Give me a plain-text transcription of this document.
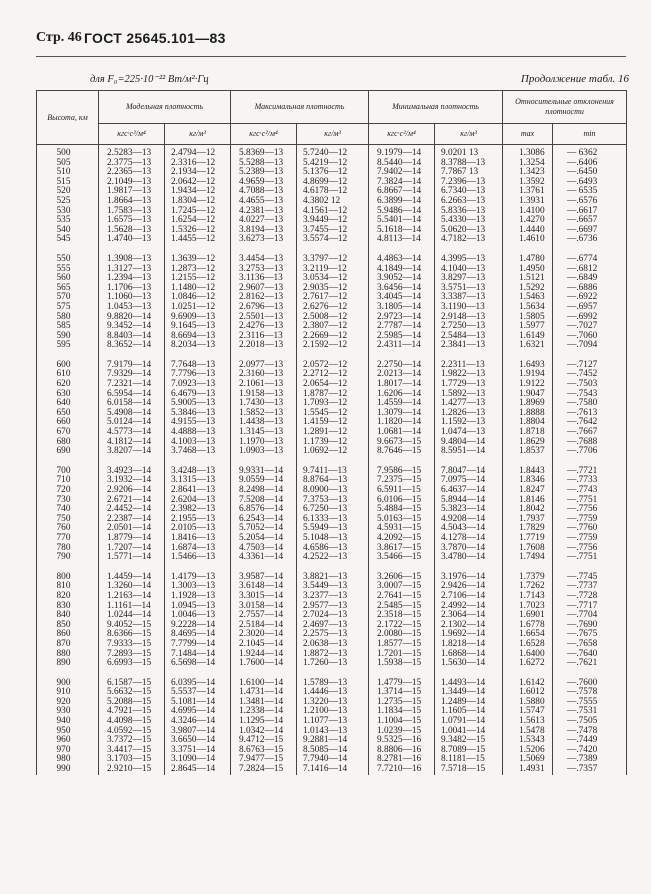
Стр. 46 ГОСТ 25645.101—83
для F₀=225·10⁻²² Вт/м²·Гц	Продолжение табл. 16
Высота, км	Модельная плотность		Максимальная плотность		Минимальная плотность		Относительные отклонения плотности	
	кгс·с²/м⁴	кг/м³	кгс·с²/м⁴	кг/м³	кгс·с²/м⁴	кг/м³	max	min
500	2.5283—13	2.4794—12	5.8369—13	5.7240—12	9.1979—14	9.0201 13	1.3086	— 6362
505	2.3775—13	2.3316—12	5.5288—13	5.4219—12	8.5440—14	8.3788—13	1.3254	—.6406
510	2.2365—13	2.1934—12	5.2389—13	5.1376—12	7.9402—14	7.7867 13	1.3423	—.6450
515	2.1049—13	2.0642—12	4.9659—13	4.8699—12	7.3824—14	7.2396—13	1.3592	—.6493
520	1.9817—13	1.9434—12	4.7088—13	4.6178—12	6.8667—14	6.7340—13	1.3761	— 6535
525	1.8664—13	1.8304—12	4.4655—13	4.3802 12	6.3899—14	6.2663—13	1.3931	—.6576
530	1.7583—13	1.7245—12	4.2381—13	4.1561—12	5.9486—14	5.8336—13	1.4100	—.6617
535	1.6575—13	1.6254—12	4.0227—13	3.9449—12	5.5401—14	5.4330—13	1.4270	—.6657
540	1.5628—13	1.5326—12	3.8194—13	3.7455—12	5.1618—14	5.0620—13	1.4440	—.6697
545	1.4740—13	1.4455—12	3.6273—13	3.5574—12	4.8113—14	4.7182—13	1.4610	—.6736

550	1.3908—13	1.3639—12	3.4454—13	3.3797—12	4.4863—14	4.3995—13	1.4780	—.6774
555	1.3127—13	1.2873—12	3.2753—13	3.2119—12	4.1849—14	4.1040—13	1.4950	—.6812
560	1.2394—13	1.2155—12	3.1136—13	3.0534—12	3.9052—14	3.8297—13	1.5121	—.6849
565	1.1706—13	1.1480—12	2.9607—13	2.9035—12	3.6456—14	3.5751—13	1.5292	—.6886
570	1.1060—13	1.0846—12	2.8162—13	2.7617—12	3.4045—14	3.3387—13	1.5463	—.6922
575	1.0453—13	1.0251—12	2.6796—13	2.6276—12	3.1805—14	3.1190—13	1.5634	—.6957
580	9.8820—14	9.6909—13	2.5501—13	2.5008—12	2.9723—14	2.9148—13	1.5805	—.6992
585	9.3452—14	9.1645—13	2.4276—13	2.3807—12	2.7787—14	2.7250—13	1.5977	—.7027
590	8.8403—14	8.6694—13	2.3116—13	2.2669—12	2.5985—14	2.5484—13	1.6149	—.7060
595	8.3652—14	8.2034—13	2.2018—13	2.1592—12	2.4311—14	2.3841—13	1.6321	—.7094

600	7.9179—14	7.7648—13	2.0977—13	2.0572—12	2.2750—14	2.2311—13	1.6493	—.7127
610	7.9329—14	7.7796—13	2.3160—13	2.2712—12	2.0213—14	1.9822—13	1.9194	—.7452
620	7.2321—14	7.0923—13	2.1061—13	2.0654—12	1.8017—14	1.7729—13	1.9122	—.7503
630	6.5954—14	6.4679—13	1.9158—13	1.8787—12	1.6206—14	1.5892—13	1.9047	—.7543
640	6.0158—14	5.9005—13	1.7430—13	1.7093—12	1.4559—14	1.4277—13	1.8969	—.7580
650	5.4908—14	5.3846—13	1.5852—13	1.5545—12	1.3079—14	1.2826—13	1.8888	—.7613
660	5.0124—14	4.9155—13	1.4438—13	1.4159—12	1.1820—14	1.1592—13	1.8804	—.7642
670	4.5773—14	4.4888—13	1.3145—13	1.2891—12	1.0681—14	1.0474—13	1.8718	—.7667
680	4.1812—14	4.1003—13	1.1970—13	1.1739—12	9.6673—15	9.4804—14	1.8629	—.7688
690	3.8207—14	3.7468—13	1.0903—13	1.0692—12	8.7646—15	8.5951—14	1.8537	—.7706

700	3.4923—14	3.4248—13	9.9331—14	9.7411—13	7.9586—15	7.8047—14	1.8443	—.7721
710	3.1932—14	3.1315—13	9.0559—14	8.8764—13	7.2375—15	7.0975—14	1.8346	—.7733
720	2.9206—14	2.8641—13	8.2498—14	8.0900—13	6.5911—15	6.4637—14	1.8247	—.7743
730	2.6721—14	2.6204—13	7.5208—14	7.3753—13	6.0106—15	5.8944—14	1.8146	—.7751
740	2.4452—14	2.3982—13	6.8576—14	6.7250—13	5.4884—15	5.3823—14	1.8042	—.7756
750	2.2387—14	2.1955—13	6.2543—14	6.1333—13	5.0163—15	4.9208—14	1.7937	—.7759
760	2.0501—14	2.0105—13	5.7052—14	5.5949—13	4.5931—15	4.5043—14	1.7829	—.7760
770	1.8779—14	1.8416—13	5.2054—14	5.1048—13	4.2092—15	4.1278—14	1.7719	—.7759
780	1.7207—14	1.6874—13	4.7503—14	4.6586—13	3.8617—15	3.7870—14	1.7608	—.7756
790	1.5771—14	1.5466—13	4.3361—14	4.2522—13	3.5466—15	3.4780—14	1.7494	—.7751

800	1.4459—14	1.4179—13	3.9587—14	3.8821—13	3.2606—15	3.1976—14	1.7379	—.7745
810	1.3260—14	1.3003—13	3.6148—14	3.5449—13	3.0007—15	2.9426—14	1.7262	—.7737
820	1.2163—14	1.1928—13	3.3015—14	3.2377—13	2.7641—15	2.7106—14	1.7143	—.7728
830	1.1161—14	1.0945—13	3.0158—14	2.9577—13	2.5485—15	2.4992—14	1.7023	—.7717
840	1.0244—14	1.0046—13	2.7557—14	2.7024—13	2.3518—15	2.3064—14	1.6901	—.7704
850	9.4052—15	9.2228—14	2.5184—14	2.4697—13	2.1722—15	2.1302—14	1.6778	—.7690
860	8.6366—15	8.4695—14	2.3020—14	2.2575—13	2.0080—15	1.9692—14	1.6654	—.7675
870	7.9333—15	7.7799—14	2.1045—14	2.0638—13	1.8577—15	1.8218—14	1.6528	—.7658
880	7.2893—15	7.1484—14	1.9244—14	1.8872—13	1.7201—15	1.6868—14	1.6400	—.7640
890	6.6993—15	6.5698—14	1.7600—14	1.7260—13	1.5938—15	1.5630—14	1.6272	—.7621

900	6.1587—15	6.0395—14	1.6100—14	1.5789—13	1.4779—15	1.4493—14	1.6142	—.7600
910	5.6632—15	5.5537—14	1.4731—14	1.4446—13	1.3714—15	1.3449—14	1.6012	—.7578
920	5.2088—15	5.1081—14	1.3481—14	1.3220—13	1.2735—15	1.2489—14	1.5880	—.7555
930	4.7921—15	4.6995—14	1.2338—14	1.2100—13	1.1834—15	1.1605—14	1.5747	—.7531
940	4.4098—15	4.3246—14	1.1295—14	1.1077—13	1.1004—15	1.0791—14	1.5613	—.7505
950	4.0592—15	3.9807—14	1.0342—14	1.0143—13	1.0239—15	1.0041—14	1.5478	—.7478
960	3.7372—15	3.6650—14	9.4712—15	9.2881—14	9.5325—16	9.3482—15	1.5343	—.7449
970	3.4417—15	3.3751—14	8.6763—15	8.5085—14	8.8806—16	8.7089—15	1.5206	—.7420
980	3.1703—15	3.1090—14	7.9477—15	7.7940—14	8.2781—16	8.1181—15	1.5069	—.7389
990	2.9210—15	2.8645—14	7.2824—15	7.1416—14	7.7210—16	7.5718—15	1.4931	—.7357
